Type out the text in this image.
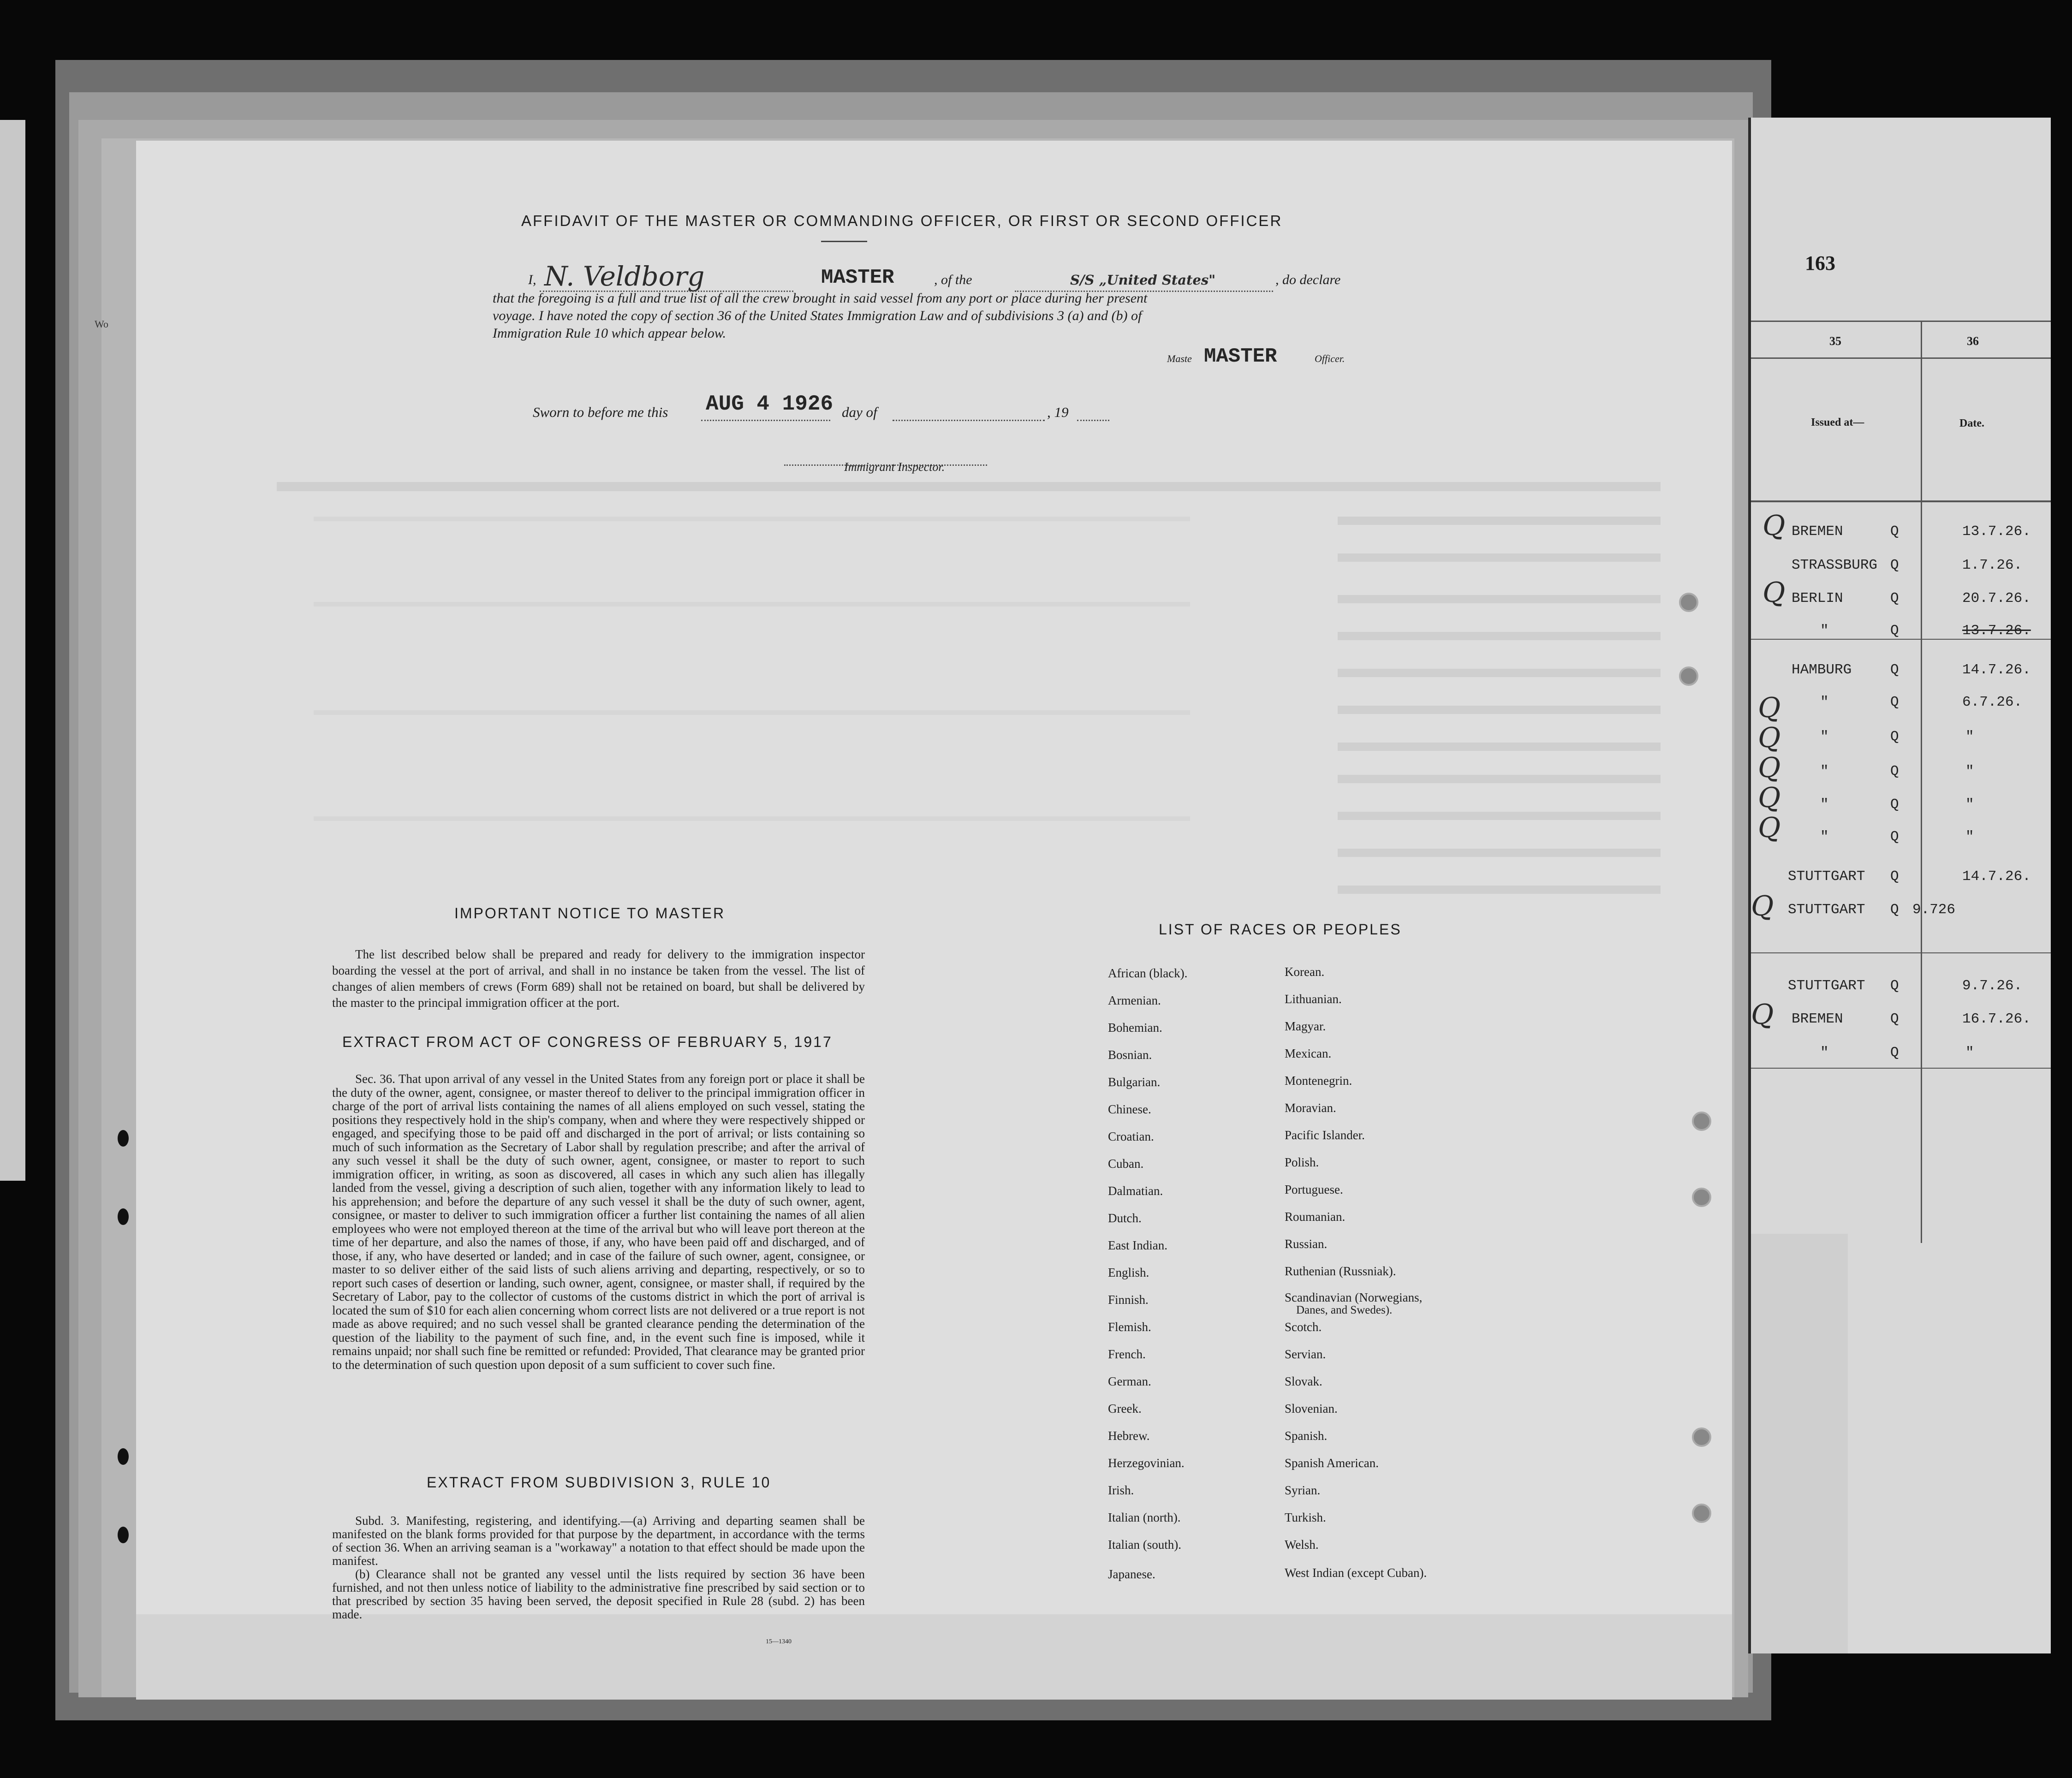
Wo
163
35	36
Issued at—	Date.
BREMEN	Q	13.7.26.
STRASSBURG Q	1.7.26.
BERLIN	Q	20.7.26.
"	Q	13.7.26.
HAMBURG	Q	14.7.26.
"	Q	6.7.26.
"	Q	"
"	Q	"
"	Q	"
"	Q	"
STUTTGART Q	14.7.26.
STUTTGART Q 9.726
STUTTGART Q	9.7.26.
BREMEN	Q	16.7.26.
"	Q	"
Q
Q
Q
Q
Q
Q
Q
Q
Q
AFFIDAVIT OF THE MASTER OR COMMANDING OFFICER, OR FIRST OR SECOND OFFICER
I, N. Veldborg	MASTER	, of the	S/S „United States"	, do declare
that the foregoing is a full and true list of all the crew brought in said vessel from any port or place during her present
voyage. I have noted the copy of section 36 of the United States Immigration Law and of subdivisions 3 (a) and (b) of
Immigration Rule 10 which appear below.
Maste MASTER	Officer.
Sworn to before me this AUG 4 1926 day of	, 19
Immigrant Inspector.
IMPORTANT NOTICE TO MASTER

The list described below shall be prepared and ready for delivery to the immigration inspector boarding the vessel at the port of arrival, and shall in no instance be taken from the vessel. The list of changes of alien members of crews (Form 689) shall not be retained on board, but shall be delivered by the master to the principal immigration officer at the port.

EXTRACT FROM ACT OF CONGRESS OF FEBRUARY 5, 1917

Sec. 36. That upon arrival of any vessel in the United States from any foreign port or place it shall be the duty of the owner, agent, consignee, or master thereof to deliver to the principal immigration officer in charge of the port of arrival lists containing the names of all aliens employed on such vessel, stating the positions they respectively hold in the ship's company, when and where they were respectively shipped or engaged, and specifying those to be paid off and discharged in the port of arrival; or lists containing so much of such information as the Secretary of Labor shall by regulation prescribe; and after the arrival of any such vessel it shall be the duty of such owner, agent, consignee, or master to report to such immigration officer, in writing, as soon as discovered, all cases in which any such alien has illegally landed from the vessel, giving a description of such alien, together with any information likely to lead to his apprehension; and before the departure of any such vessel it shall be the duty of such owner, agent, consignee, or master to deliver to such immigration officer a further list containing the names of all alien employees who were not employed thereon at the time of the arrival but who will leave port thereon at the time of her departure, and also the names of those, if any, who have been paid off and discharged, and of those, if any, who have deserted or landed; and in case of the failure of such owner, agent, consignee, or master to so deliver either of the said lists of such aliens arriving and departing, respectively, or so to report such cases of desertion or landing, such owner, agent, consignee, or master shall, if required by the Secretary of Labor, pay to the collector of customs of the customs district in which the port of arrival is located the sum of $10 for each alien concerning whom correct lists are not delivered or a true report is not made as above required; and no such vessel shall be granted clearance pending the determination of the question of the liability to the payment of such fine, and, in the event such fine is imposed, while it remains unpaid; nor shall such fine be remitted or refunded: Provided, That clearance may be granted prior to the determination of such question upon deposit of a sum sufficient to cover such fine.

EXTRACT FROM SUBDIVISION 3, RULE 10

Subd. 3. Manifesting, registering, and identifying.—(a) Arriving and departing seamen shall be manifested on the blank forms provided for that purpose by the department, in accordance with the terms of section 36. When an arriving seaman is a "workaway" a notation to that effect should be made upon the manifest.

(b) Clearance shall not be granted any vessel until the lists required by section 36 have been furnished, and not then unless notice of liability to the administrative fine prescribed by said section or to that prescribed by section 35 having been served, the deposit specified in Rule 28 (subd. 2) has been made.

15—1340
LIST OF RACES OR PEOPLES
African (black).
Armenian.
Bohemian.
Bosnian.
Bulgarian.
Chinese.
Croatian.
Cuban.
Dalmatian.
Dutch.
East Indian.
English.
Finnish.
Flemish.
French.
German.
Greek.
Hebrew.
Herzegovinian.
Irish.
Italian (north).
Italian (south).
Japanese.
Korean.
Lithuanian.
Magyar.
Mexican.
Montenegrin.
Moravian.
Pacific Islander.
Polish.
Portuguese.
Roumanian.
Russian.
Ruthenian (Russniak).
Scandinavian (Norwegians,
Danes, and Swedes).
Scotch.
Servian.
Slovak.
Slovenian.
Spanish.
Spanish American.
Syrian.
Turkish.
Welsh.
West Indian (except Cuban).
